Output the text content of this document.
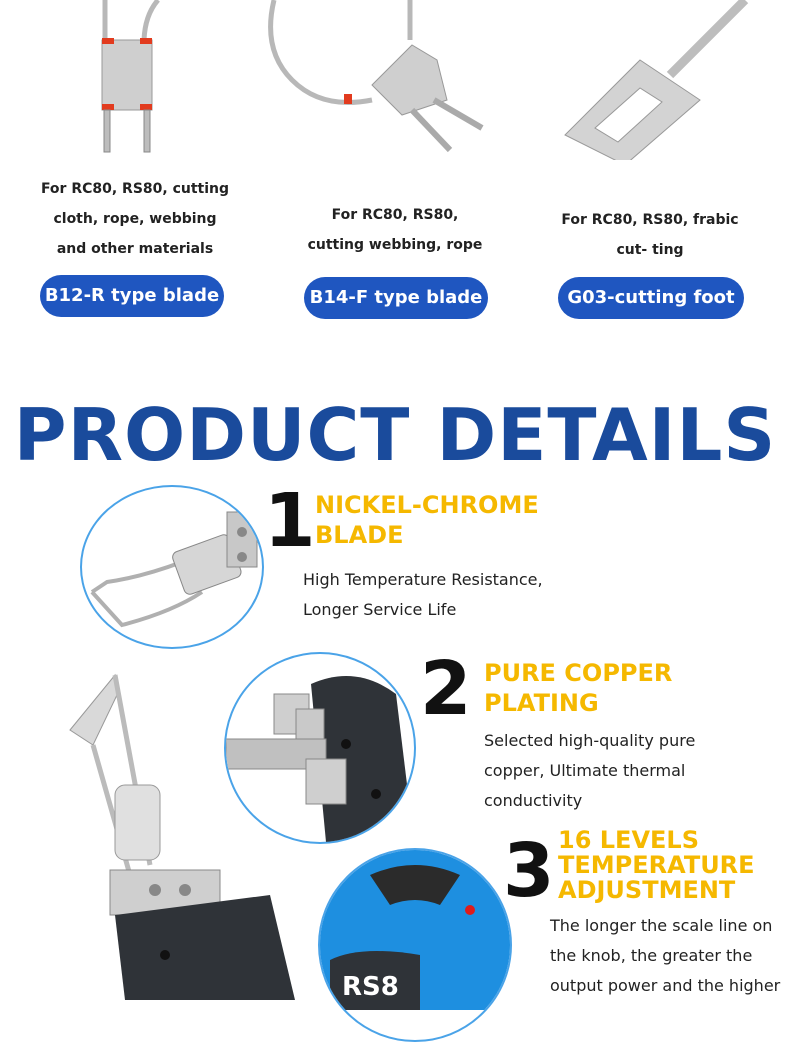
For RC80, RS80, cutting cloth, rope, webbing and other materials
For RC80, RS80, cutting webbing, rope
For RC80, RS80, frabic cut- ting
B12-R type blade	B14-F type blade	G03-cutting foot
PRODUCT DETAILS
1 NICKEL-CHROME
BLADE
High Temperature Resistance,
Longer Service Life
2 PURE COPPER
PLATING
Selected high-quality pure
copper, Ultimate thermal
conductivity
RS8
3 16 LEVELS
TEMPERATURE
ADJUSTMENT
The longer the scale line on
the knob, the greater the
output power and the higher
